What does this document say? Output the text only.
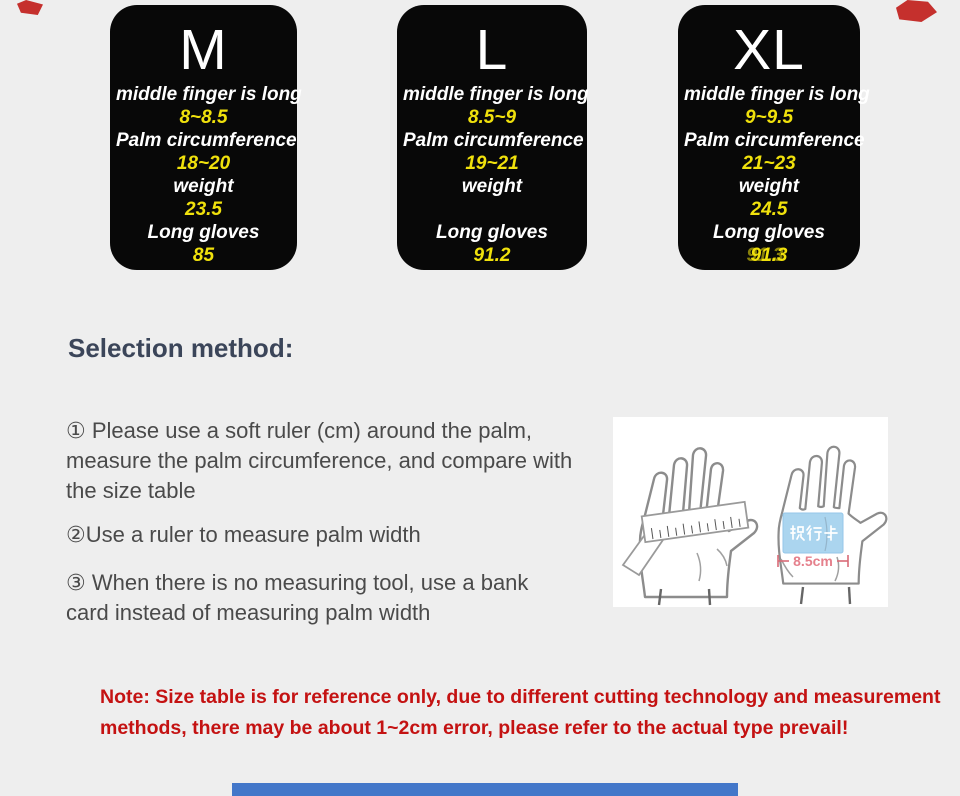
M
middle finger is long
8~8.5
Palm circumference
18~20
weight
23.5
Long gloves
85
L
middle finger is long
8.5~9
Palm circumference
19~21
weight
Long gloves
91.2
XL
middle finger is long
9~9.5
Palm circumference
21~23
weight
24.5
Long gloves
91.3
Selection method:

① Please use a soft ruler (cm) around the palm, measure the palm circumference, and compare with the size table

②Use a ruler to measure palm width

③ When there is no measuring tool, use a bank card instead of measuring palm width

8.5cm
Note: Size table is for reference only, due to different cutting technology and measurement
methods, there may be about 1~2cm error, please refer to the actual type prevail!
